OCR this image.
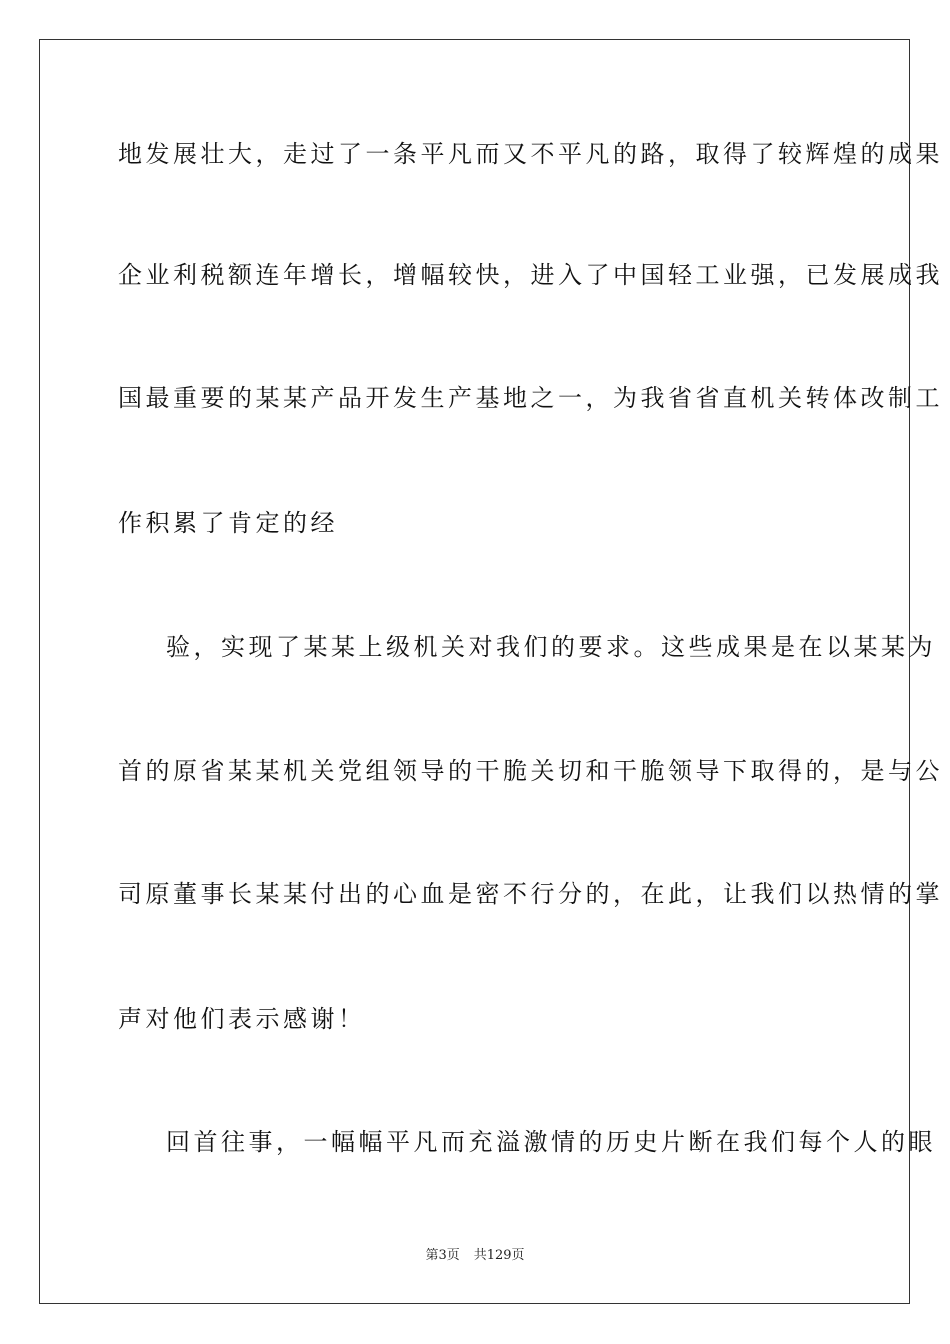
地发展壮大，走过了一条平凡而又不平凡的路，取得了较辉煌的成果
企业利税额连年增长，增幅较快，进入了中国轻工业强，已发展成我
国最重要的某某产品开发生产基地之一，为我省省直机关转体改制工
作积累了肯定的经
验，实现了某某上级机关对我们的要求。这些成果是在以某某为
首的原省某某机关党组领导的干脆关切和干脆领导下取得的，是与公
司原董事长某某付出的心血是密不行分的，在此，让我们以热情的掌
声对他们表示感谢！
回首往事，一幅幅平凡而充溢激情的历史片断在我们每个人的眼
第3页 共129页
